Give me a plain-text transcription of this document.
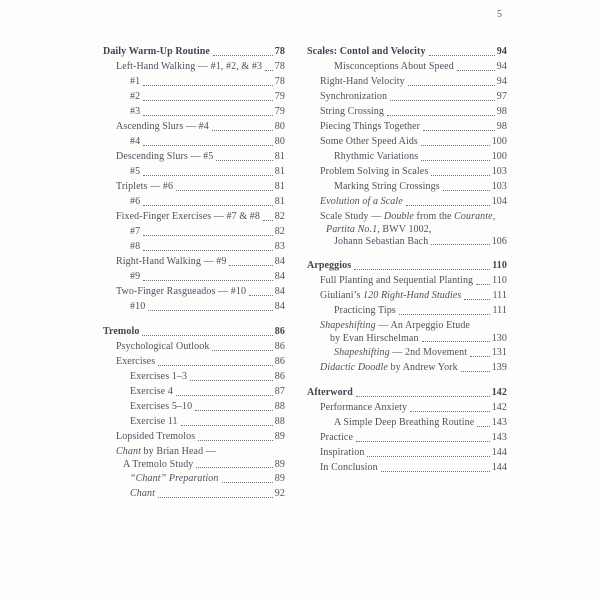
5
Daily Warm-Up Routine	78
Left-Hand Walking — #1, #2, & #3 78
#1	78
#2	79
#3	79
Ascending Slurs — #4	80
#4	80
Descending Slurs — #5	81
#5	81
Triplets — #6	81
#6	81
Fixed-Finger Exercises — #7 & #8 82
#7	82
#8	83
Right-Hand Walking — #9	84
#9	84
Two-Finger Rasgueados — #10	84
#10	84
Tremolo	86
Psychological Outlook	86
Exercises	86
Exercises 1–3	86
Exercise 4	87
Exercises 5–10	88
Exercise 11	88
Lopsided Tremolos	89
Chant by Brian Head —
A Tremolo Study	89
“Chant” Preparation	89
Chant	92
Scales: Contol and Velocity	94
Misconceptions About Speed	94
Right-Hand Velocity	94
Synchronization	97
String Crossing	98
Piecing Things Together	98
Some Other Speed Aids	100
Rhythmic Variations	100
Problem Solving in Scales	103
Marking String Crossings	103
Evolution of a Scale	104
Scale Study — Double from the Courante,
Partita No.1, BWV 1002,
Johann Sebastian Bach	106
Arpeggios	110
Full Planting and Sequential Planting 110
Giuliani’s 120 Right-Hand Studies	111
Practicing Tips	111
Shapeshifting — An Arpeggio Etude
by Evan Hirschelman	130
Shapeshifting — 2nd Movement 131
Didactic Doodle by Andrew York	139
Afterword	142
Performance Anxiety	142
A Simple Deep Breathing Routine 143
Practice	143
Inspiration	144
In Conclusion	144
